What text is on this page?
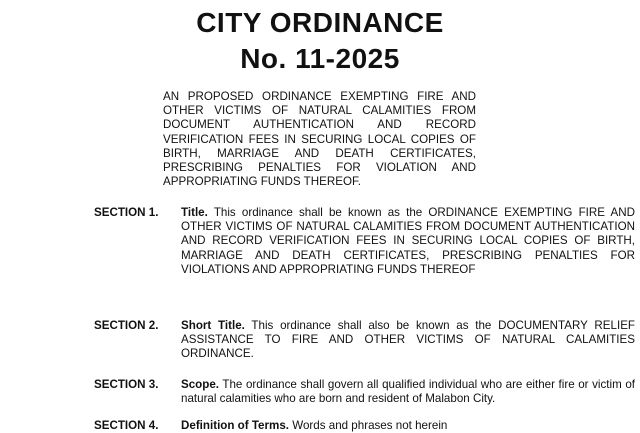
CITY ORDINANCE
No. 11-2025

AN PROPOSED ORDINANCE EXEMPTING FIRE AND OTHER VICTIMS OF NATURAL CALAMITIES FROM DOCUMENT AUTHENTICATION AND RECORD VERIFICATION FEES IN SECURING LOCAL COPIES OF BIRTH, MARRIAGE AND DEATH CERTIFICATES, PRESCRIBING PENALTIES FOR VIOLATION AND APPROPRIATING FUNDS THEREOF.

SECTION 1.	Title. This ordinance shall be known as the ORDINANCE EXEMPTING FIRE AND OTHER VICTIMS OF NATURAL CALAMITIES FROM DOCUMENT AUTHENTICATION AND RECORD VERIFICATION FEES IN SECURING LOCAL COPIES OF BIRTH, MARRIAGE AND DEATH CERTIFICATES, PRESCRIBING PENALTIES FOR VIOLATIONS AND APPROPRIATING FUNDS THEREOF

SECTION 2.	Short Title. This ordinance shall also be known as the DOCUMENTARY RELIEF ASSISTANCE TO FIRE AND OTHER VICTIMS OF NATURAL CALAMITIES ORDINANCE.

SECTION 3.	Scope. The ordinance shall govern all qualified individual who are either fire or victim of natural calamities who are born and resident of Malabon City.

SECTION 4.	Definition of Terms. Words and phrases not herein
